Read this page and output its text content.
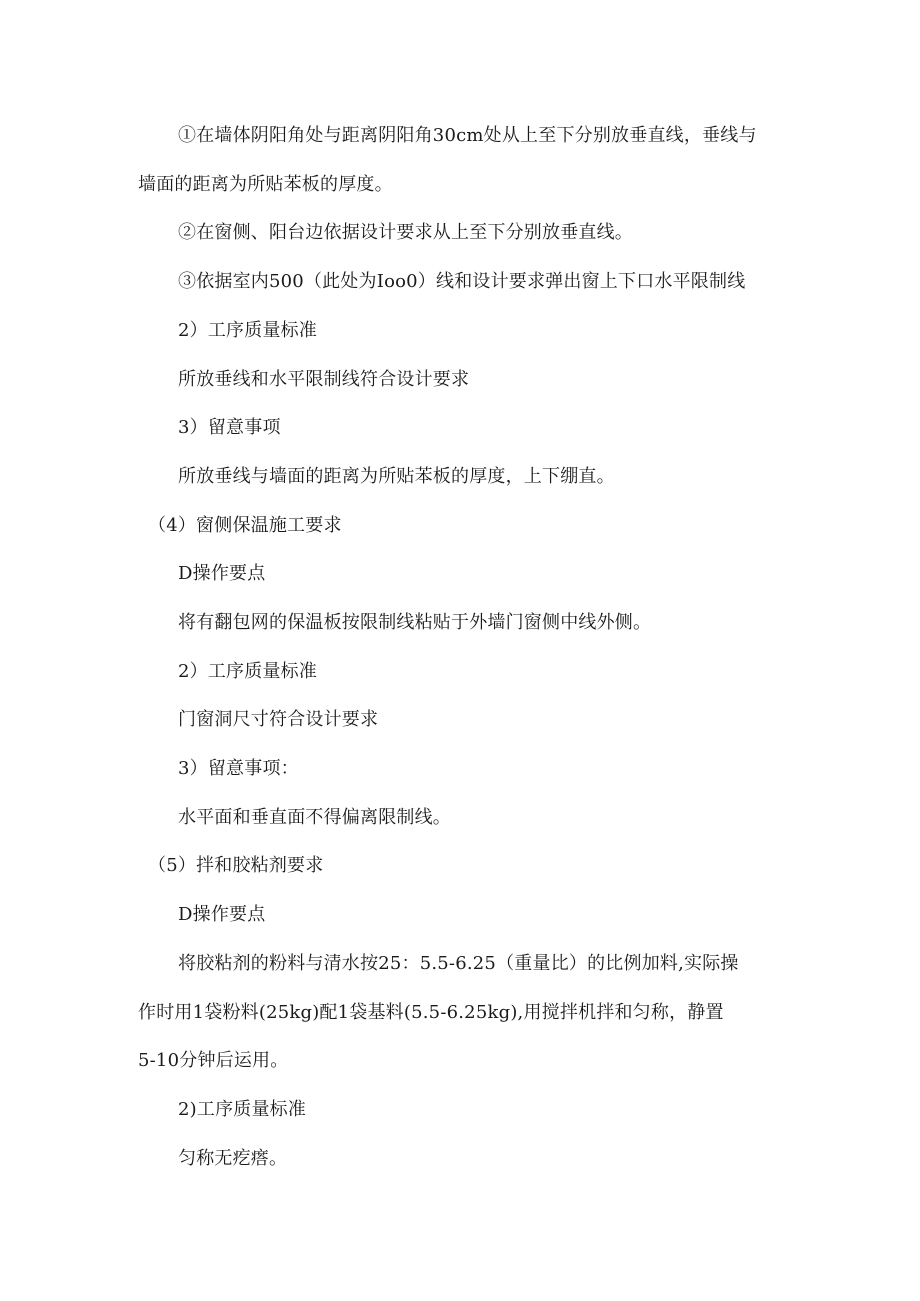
①在墙体阴阳角处与距离阴阳角30cm处从上至下分别放垂直线，垂线与
墙面的距离为所贴苯板的厚度。
②在窗侧、阳台边依据设计要求从上至下分别放垂直线。
③依据室内500（此处为Ioo0）线和设计要求弹出窗上下口水平限制线
2）工序质量标准
所放垂线和水平限制线符合设计要求
3）留意事项
所放垂线与墙面的距离为所贴苯板的厚度，上下绷直。
（4）窗侧保温施工要求
D操作要点
将有翻包网的保温板按限制线粘贴于外墙门窗侧中线外侧。
2）工序质量标准
门窗洞尺寸符合设计要求
3）留意事项：
水平面和垂直面不得偏离限制线。
（5）拌和胶粘剂要求
D操作要点
将胶粘剂的粉料与清水按25：5.5-6.25（重量比）的比例加料,实际操
作时用1袋粉料(25kg)配1袋基料(5.5-6.25kg),用搅拌机拌和匀称，静置
5-10分钟后运用。
2)工序质量标准
匀称无疙瘩。
